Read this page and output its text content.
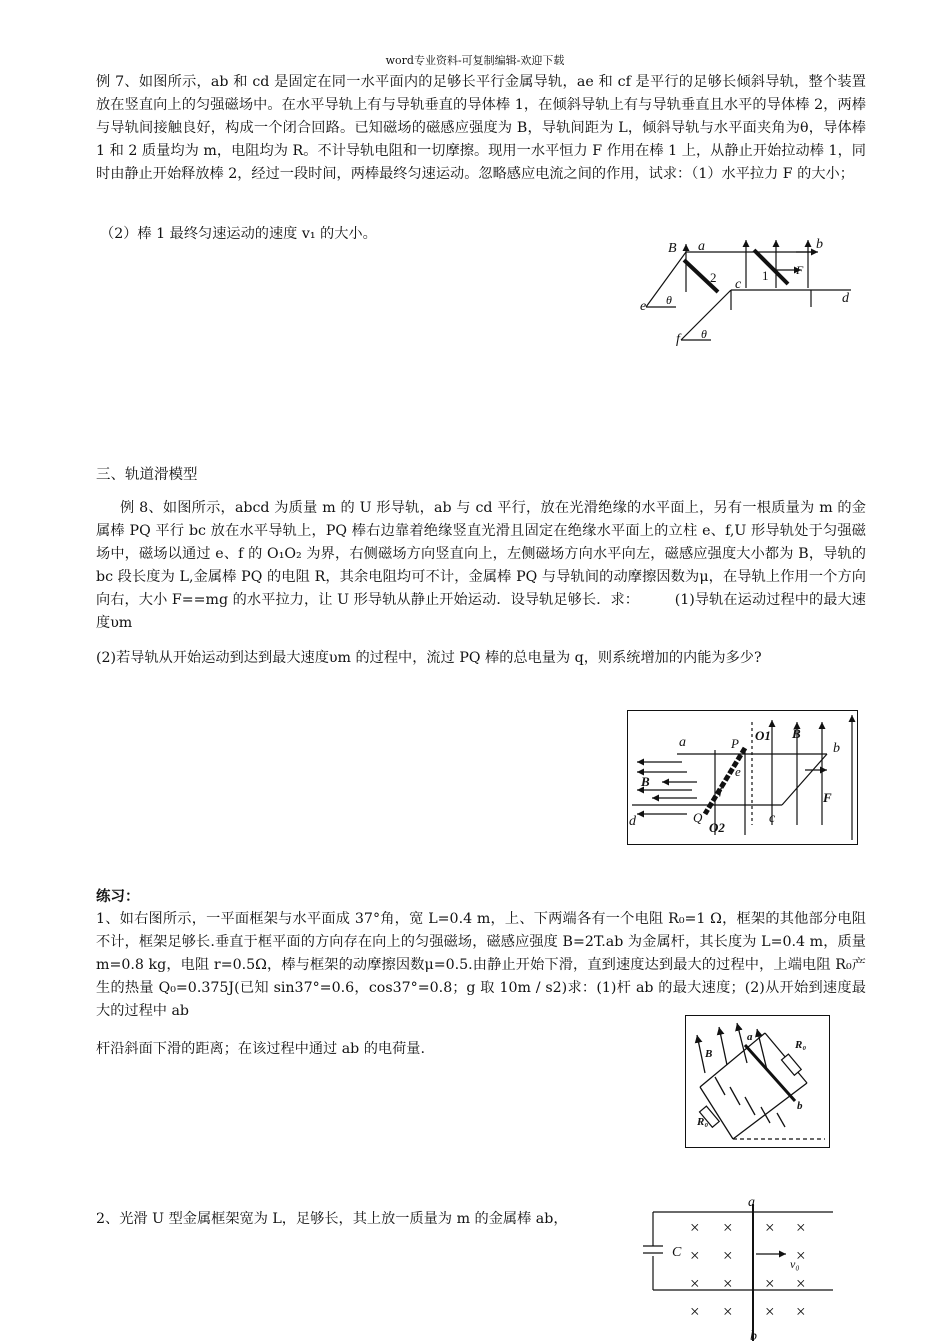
word专业资料-可复制编辑-欢迎下载
例 7、如图所示，ab 和 cd 是固定在同一水平面内的足够长平行金属导轨，ae 和 cf 是平行的足够长倾斜导轨，整个装置放在竖直向上的匀强磁场中。在水平导轨上有与导轨垂直的导体棒 1，在倾斜导轨上有与导轨垂直且水平的导体棒 2，两棒与导轨间接触良好，构成一个闭合回路。已知磁场的磁感应强度为 B，导轨间距为 L，倾斜导轨与水平面夹角为θ，导体棒 1 和 2 质量均为 m，电阻均为 R。不计导轨电阻和一切摩擦。现用一水平恒力 F 作用在棒 1 上，从静止开始拉动棒 1，同时由静止开始释放棒 2，经过一段时间，两棒最终匀速运动。忽略感应电流之间的作用，试求：（1）水平拉力 F 的大小；
（2）棒 1 最终匀速运动的速度 v₁ 的大小。
B a	b
c
d
e
f
F
θ
θ
2	1
三、轨道滑模型
例 8、如图所示，abcd 为质量 m 的 U 形导轨，ab 与 cd 平行，放在光滑绝缘的水平面上，另有一根质量为 m 的金属棒 PQ 平行 bc 放在水平导轨上，PQ 棒右边靠着绝缘竖直光滑且固定在绝缘水平面上的立柱 e、f,U 形导轨处于匀强磁场中，磁场以通过 e、f 的 O₁O₂ 为界，右侧磁场方向竖直向上，左侧磁场方向水平向左，磁感应强度大小都为 B，导轨的 bc 段长度为 L,金属棒 PQ 的电阻 R，其余电阻均可不计，金属棒 PQ 与导轨间的动摩擦因数为μ，在导轨上作用一个方向向右，大小 F==mg 的水平拉力，让 U 形导轨从静止开始运动．设导轨足够长．求：　　　(1)导轨在运动过程中的最大速度υm
(2)若导轨从开始运动到达到最大速度υm 的过程中，流过 PQ 棒的总电量为 q，则系统增加的内能为多少?
a	b
c
d
P
Q
e
f
O1
O2
B
B
F
练习：
1、如右图所示，一平面框架与水平面成 37°角，宽 L=0.4 m，上、下两端各有一个电阻 R₀=1 Ω，框架的其他部分电阻不计，框架足够长.垂直于框平面的方向存在向上的匀强磁场，磁感应强度 B=2T.ab 为金属杆，其长度为 L=0.4 m，质量 m=0.8 kg，电阻 r=0.5Ω，棒与框架的动摩擦因数μ=0.5.由静止开始下滑，直到速度达到最大的过程中，上端电阻 R₀产生的热量 Q₀=0.375J(已知 sin37°=0.6，cos37°=0.8；g 取 10m / s2)求：(1)杆 ab 的最大速度；(2)从开始到速度最大的过程中 ab
杆沿斜面下滑的距离；在该过程中通过 ab 的电荷量.	B
a
b
R₀
R₀
2、光滑 U 型金属框架宽为 L，足够长，其上放一质量为 m 的金属棒 ab，	× × × ×
× ×	×
× × × ×
× × × ×
a
b
C
v₀
